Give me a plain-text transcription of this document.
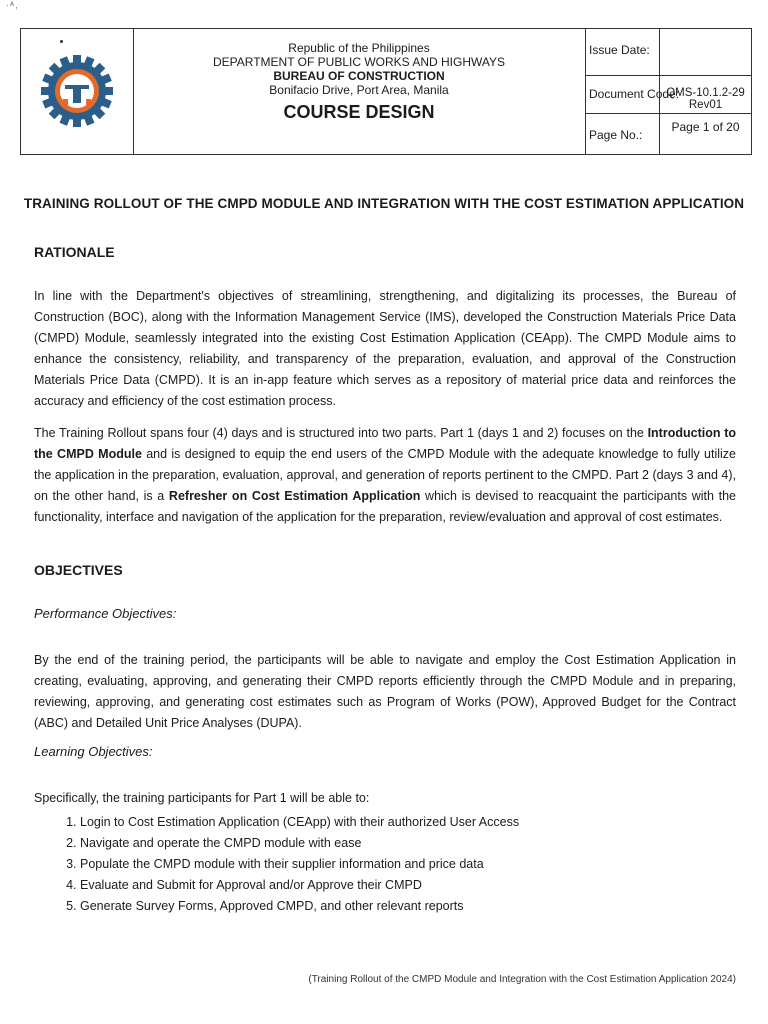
·ᴬ,
Republic of the Philippines
DEPARTMENT OF PUBLIC WORKS AND HIGHWAYS
BUREAU OF CONSTRUCTION
Bonifacio Drive, Port Area, Manila
COURSE DESIGN
Issue Date:
Document Code:
QMS-10.1.2-29 Rev01
Page No.:
Page 1 of 20
TRAINING ROLLOUT OF THE CMPD MODULE AND INTEGRATION WITH THE COST ESTIMATION APPLICATION
RATIONALE

In line with the Department's objectives of streamlining, strengthening, and digitalizing its processes, the Bureau of Construction (BOC), along with the Information Management Service (IMS), developed the Construction Materials Price Data (CMPD) Module, seamlessly integrated into the existing Cost Estimation Application (CEApp). The CMPD Module aims to enhance the consistency, reliability, and transparency of the preparation, evaluation, and approval of the Construction Materials Price Data (CMPD). It is an in-app feature which serves as a repository of material price data and reinforces the accuracy and efficiency of the cost estimation process.

The Training Rollout spans four (4) days and is structured into two parts. Part 1 (days 1 and 2) focuses on the Introduction to the CMPD Module and is designed to equip the end users of the CMPD Module with the adequate knowledge to fully utilize the application in the preparation, evaluation, approval, and generation of reports pertinent to the CMPD. Part 2 (days 3 and 4), on the other hand, is a Refresher on Cost Estimation Application which is devised to reacquaint the participants with the functionality, interface and navigation of the application for the preparation, review/evaluation and approval of cost estimates.

OBJECTIVES
Performance Objectives:

By the end of the training period, the participants will be able to navigate and employ the Cost Estimation Application in creating, evaluating, approving, and generating their CMPD reports efficiently through the CMPD Module and in preparing, reviewing, approving, and generating cost estimates such as Program of Works (POW), Approved Budget for the Contract (ABC) and Detailed Unit Price Analyses (DUPA).

Learning Objectives:

Specifically, the training participants for Part 1 will be able to:

1. Login to Cost Estimation Application (CEApp) with their authorized User Access
2. Navigate and operate the CMPD module with ease
3. Populate the CMPD module with their supplier information and price data
4. Evaluate and Submit for Approval and/or Approve their CMPD
5. Generate Survey Forms, Approved CMPD, and other relevant reports
(Training Rollout of the CMPD Module and Integration with the Cost Estimation Application 2024)
